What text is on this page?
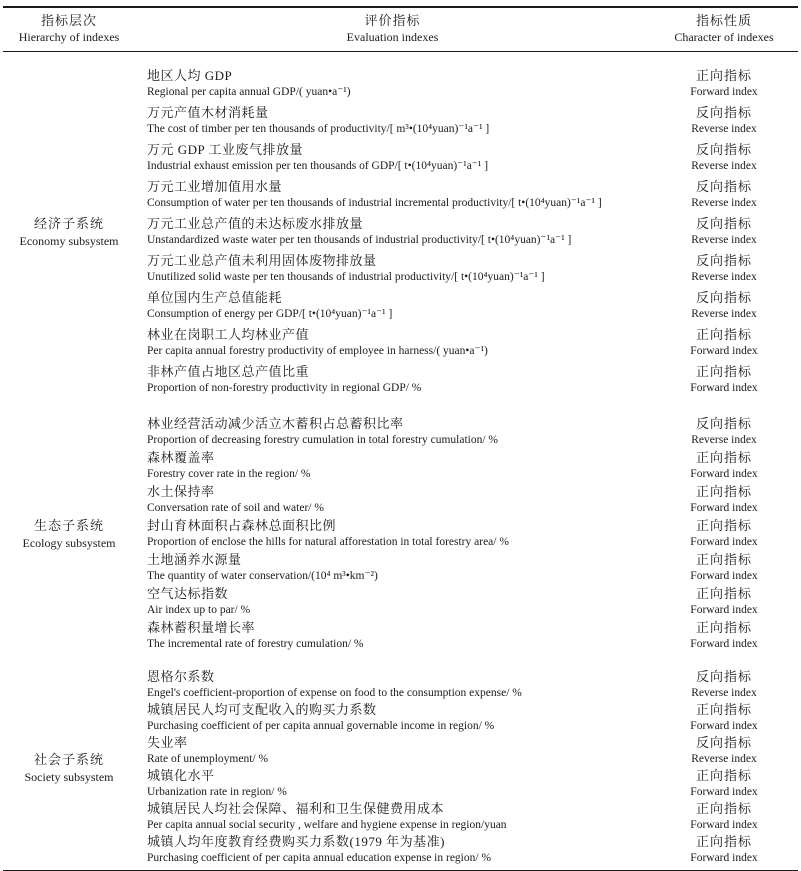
指标层次
Hierarchy of indexes
评价指标
Evaluation indexes
指标性质
Character of indexes
经济子系统
Economy subsystem
地区人均 GDP
Regional per capita annual GDP/( yuan•a⁻¹)
万元产值木材消耗量
The cost of timber per ten thousands of productivity/[ m³•(10⁴yuan)⁻¹a⁻¹ ]
万元 GDP 工业废气排放量
Industrial exhaust emission per ten thousands of GDP/[ t•(10⁴yuan)⁻¹a⁻¹ ]
万元工业增加值用水量
Consumption of water per ten thousands of industrial incremental productivity/[ t•(10⁴yuan)⁻¹a⁻¹ ]
万元工业总产值的未达标废水排放量
Unstandardized waste water per ten thousands of industrial productivity/[ t•(10⁴yuan)⁻¹a⁻¹ ]
万元工业总产值未利用固体废物排放量
Unutilized solid waste per ten thousands of industrial productivity/[ t•(10⁴yuan)⁻¹a⁻¹ ]
单位国内生产总值能耗
Consumption of energy per GDP/[ t•(10⁴yuan)⁻¹a⁻¹ ]
林业在岗职工人均林业产值
Per capita annual forestry productivity of employee in harness/( yuan•a⁻¹)
非林产值占地区总产值比重
Proportion of non-forestry productivity in regional GDP/ %
正向指标
Forward index
反向指标
Reverse index
反向指标
Reverse index
反向指标
Reverse index
反向指标
Reverse index
反向指标
Reverse index
反向指标
Reverse index
正向指标
Forward index
正向指标
Forward index
生态子系统
Ecology subsystem
林业经营活动减少活立木蓄积占总蓄积比率
Proportion of decreasing forestry cumulation in total forestry cumulation/ %
森林覆盖率
Forestry cover rate in the region/ %
水土保持率
Conversation rate of soil and water/ %
封山育林面积占森林总面积比例
Proportion of enclose the hills for natural afforestation in total forestry area/ %
土地涵养水源量
The quantity of water conservation/(10⁴ m³•km⁻²)
空气达标指数
Air index up to par/ %
森林蓄积量增长率
The incremental rate of forestry cumulation/ %
反向指标
Reverse index
正向指标
Forward index
正向指标
Forward index
正向指标
Forward index
正向指标
Forward index
正向指标
Forward index
正向指标
Forward index
社会子系统
Society subsystem
恩格尔系数
Engel's coefficient-proportion of expense on food to the consumption expense/ %
城镇居民人均可支配收入的购买力系数
Purchasing coefficient of per capita annual governable income in region/ %
失业率
Rate of unemployment/ %
城镇化水平
Urbanization rate in region/ %
城镇居民人均社会保障、福利和卫生保健费用成本
Per capita annual social security , welfare and hygiene expense in region/yuan
城镇人均年度教育经费购买力系数(1979 年为基准)
Purchasing coefficient of per capita annual education expense in region/ %
反向指标
Reverse index
正向指标
Forward index
反向指标
Reverse index
正向指标
Forward index
正向指标
Forward index
正向指标
Forward index
